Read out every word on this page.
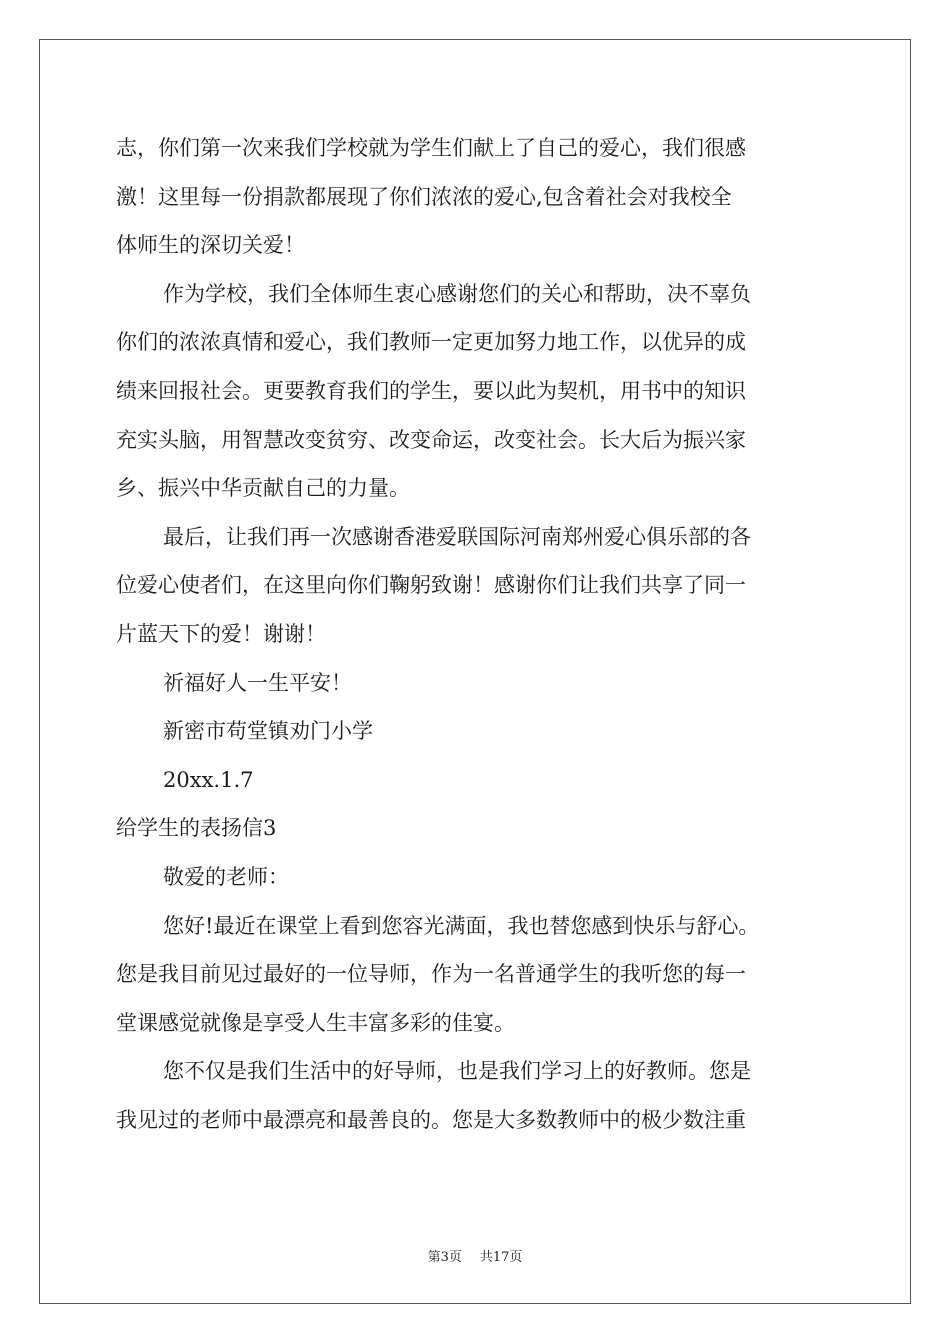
志，你们第一次来我们学校就为学生们献上了自己的爱心，我们很感
激！这里每一份捐款都展现了你们浓浓的爱心,包含着社会对我校全
体师生的深切关爱！
作为学校，我们全体师生衷心感谢您们的关心和帮助，决不辜负
你们的浓浓真情和爱心，我们教师一定更加努力地工作，以优异的成
绩来回报社会。更要教育我们的学生，要以此为契机，用书中的知识
充实头脑，用智慧改变贫穷、改变命运，改变社会。长大后为振兴家
乡、振兴中华贡献自己的力量。
最后，让我们再一次感谢香港爱联国际河南郑州爱心俱乐部的各
位爱心使者们，在这里向你们鞠躬致谢！感谢你们让我们共享了同一
片蓝天下的爱！谢谢！
祈福好人一生平安！
新密市苟堂镇劝门小学
20xx.1.7
给学生的表扬信3
敬爱的老师：
您好!最近在课堂上看到您容光满面，我也替您感到快乐与舒心。
您是我目前见过最好的一位导师，作为一名普通学生的我听您的每一
堂课感觉就像是享受人生丰富多彩的佳宴。
您不仅是我们生活中的好导师，也是我们学习上的好教师。您是
我见过的老师中最漂亮和最善良的。您是大多数教师中的极少数注重
第3页 共17页
